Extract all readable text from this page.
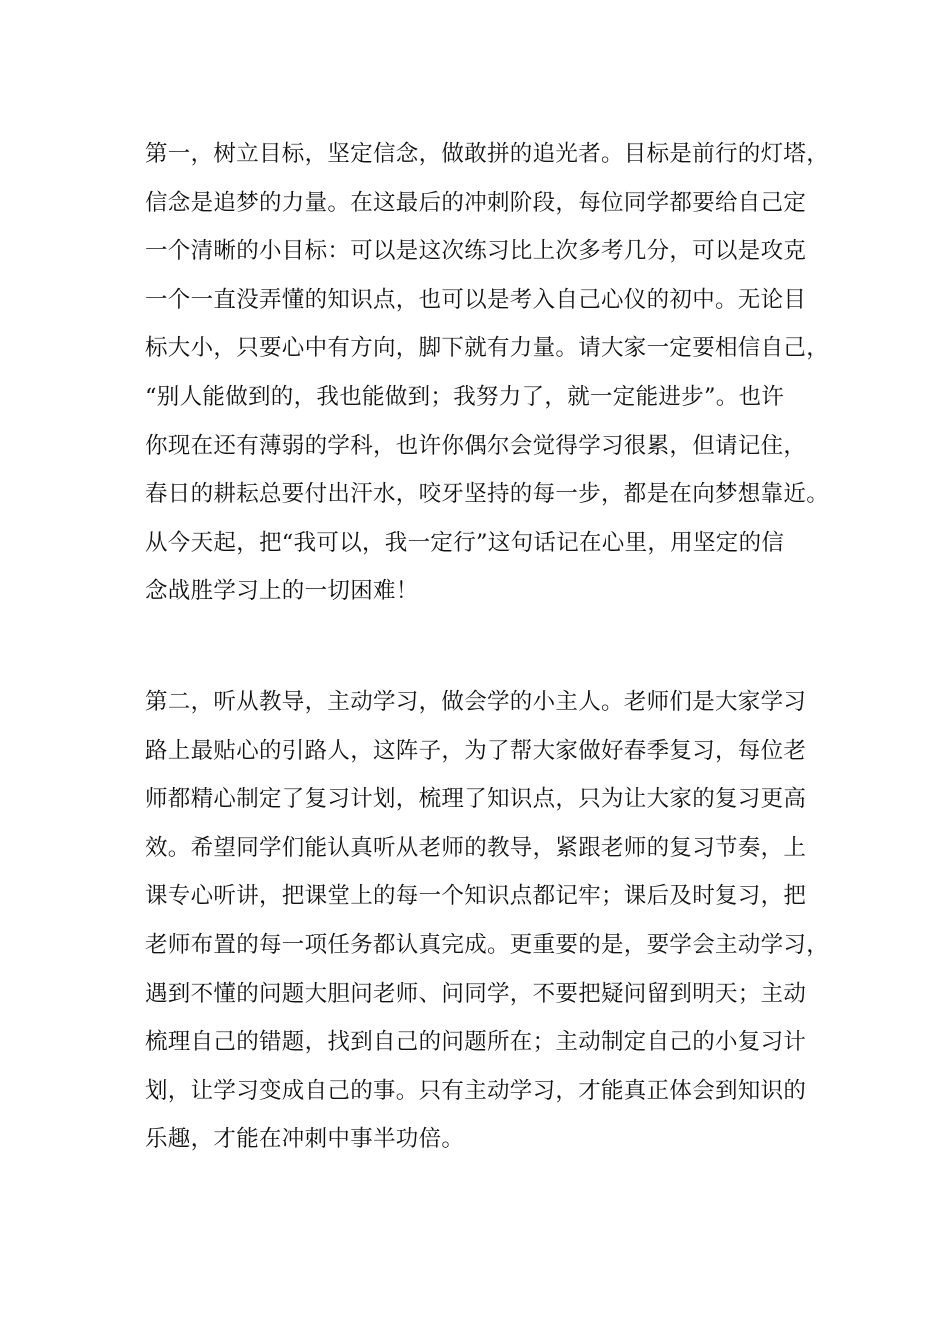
第一，树立目标，坚定信念，做敢拼的追光者。目标是前行的灯塔，
信念是追梦的力量。在这最后的冲刺阶段，每位同学都要给自己定
一个清晰的小目标：可以是这次练习比上次多考几分，可以是攻克
一个一直没弄懂的知识点，也可以是考入自己心仪的初中。无论目
标大小，只要心中有方向，脚下就有力量。请大家一定要相信自己，
“别人能做到的，我也能做到；我努力了，就一定能进步”。也许
你现在还有薄弱的学科，也许你偶尔会觉得学习很累，但请记住，
春日的耕耘总要付出汗水，咬牙坚持的每一步，都是在向梦想靠近。
从今天起，把“我可以，我一定行”这句话记在心里，用坚定的信
念战胜学习上的一切困难！
第二，听从教导，主动学习，做会学的小主人。老师们是大家学习
路上最贴心的引路人，这阵子，为了帮大家做好春季复习，每位老
师都精心制定了复习计划，梳理了知识点，只为让大家的复习更高
效。希望同学们能认真听从老师的教导，紧跟老师的复习节奏，上
课专心听讲，把课堂上的每一个知识点都记牢；课后及时复习，把
老师布置的每一项任务都认真完成。更重要的是，要学会主动学习，
遇到不懂的问题大胆问老师、问同学，不要把疑问留到明天；主动
梳理自己的错题，找到自己的问题所在；主动制定自己的小复习计
划，让学习变成自己的事。只有主动学习，才能真正体会到知识的
乐趣，才能在冲刺中事半功倍。
